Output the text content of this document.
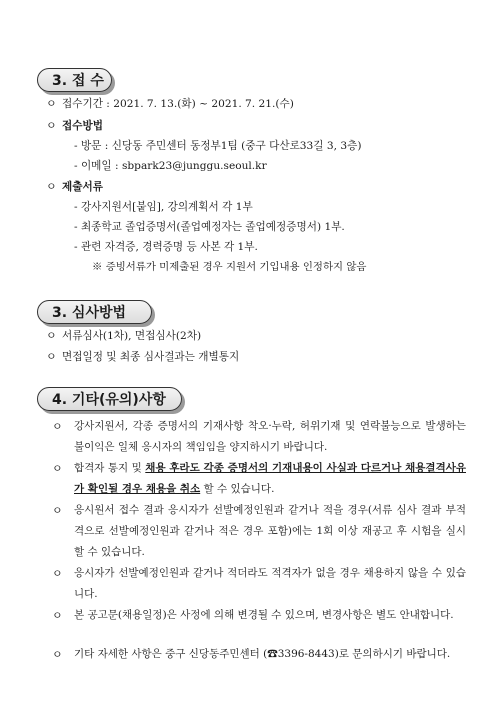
3. 접 수
ㅇ 접수기간 : 2021. 7. 13.(화) ~ 2021. 7. 21.(수)
ㅇ 접수방법
- 방문 : 신당동 주민센터 동정부1팀 (중구 다산로33길 3, 3층)
- 이메일 : sbpark23@junggu.seoul.kr
ㅇ 제출서류
- 강사지원서[붙임], 강의계획서 각 1부
- 최종학교 졸업증명서(졸업예정자는 졸업예정증명서) 1부.
- 관련 자격증, 경력증명 등 사본 각 1부.
※ 증빙서류가 미제출된 경우 지원서 기입내용 인정하지 않음
3. 심사방법
ㅇ 서류심사(1차), 면접심사(2차)
ㅇ 면접일정 및 최종 심사결과는 개별통지
4. 기타(유의)사항
ㅇ 강사지원서, 각종 증명서의 기재사항 착오·누락, 허위기재 및 연락불능으로 발생하는 불이익은 일체 응시자의 책임임을 양지하시기 바랍니다.
ㅇ 합격자 통지 및 채용 후라도 각종 증명서의 기재내용이 사실과 다르거나 채용결격사유가 확인될 경우 채용을 취소 할 수 있습니다.
ㅇ 응시원서 접수 결과 응시자가 선발예정인원과 같거나 적을 경우(서류 심사 결과 부적격으로 선발예정인원과 같거나 적은 경우 포함)에는 1회 이상 재공고 후 시험을 실시 할 수 있습니다.
ㅇ 응시자가 선발예정인원과 같거나 적더라도 적격자가 없을 경우 채용하지 않을 수 있습니다.
ㅇ 본 공고문(채용일정)은 사정에 의해 변경될 수 있으며, 변경사항은 별도 안내합니다.
ㅇ 기타 자세한 사항은 중구 신당동주민센터 (☎3396-8443)로 문의하시기 바랍니다.
